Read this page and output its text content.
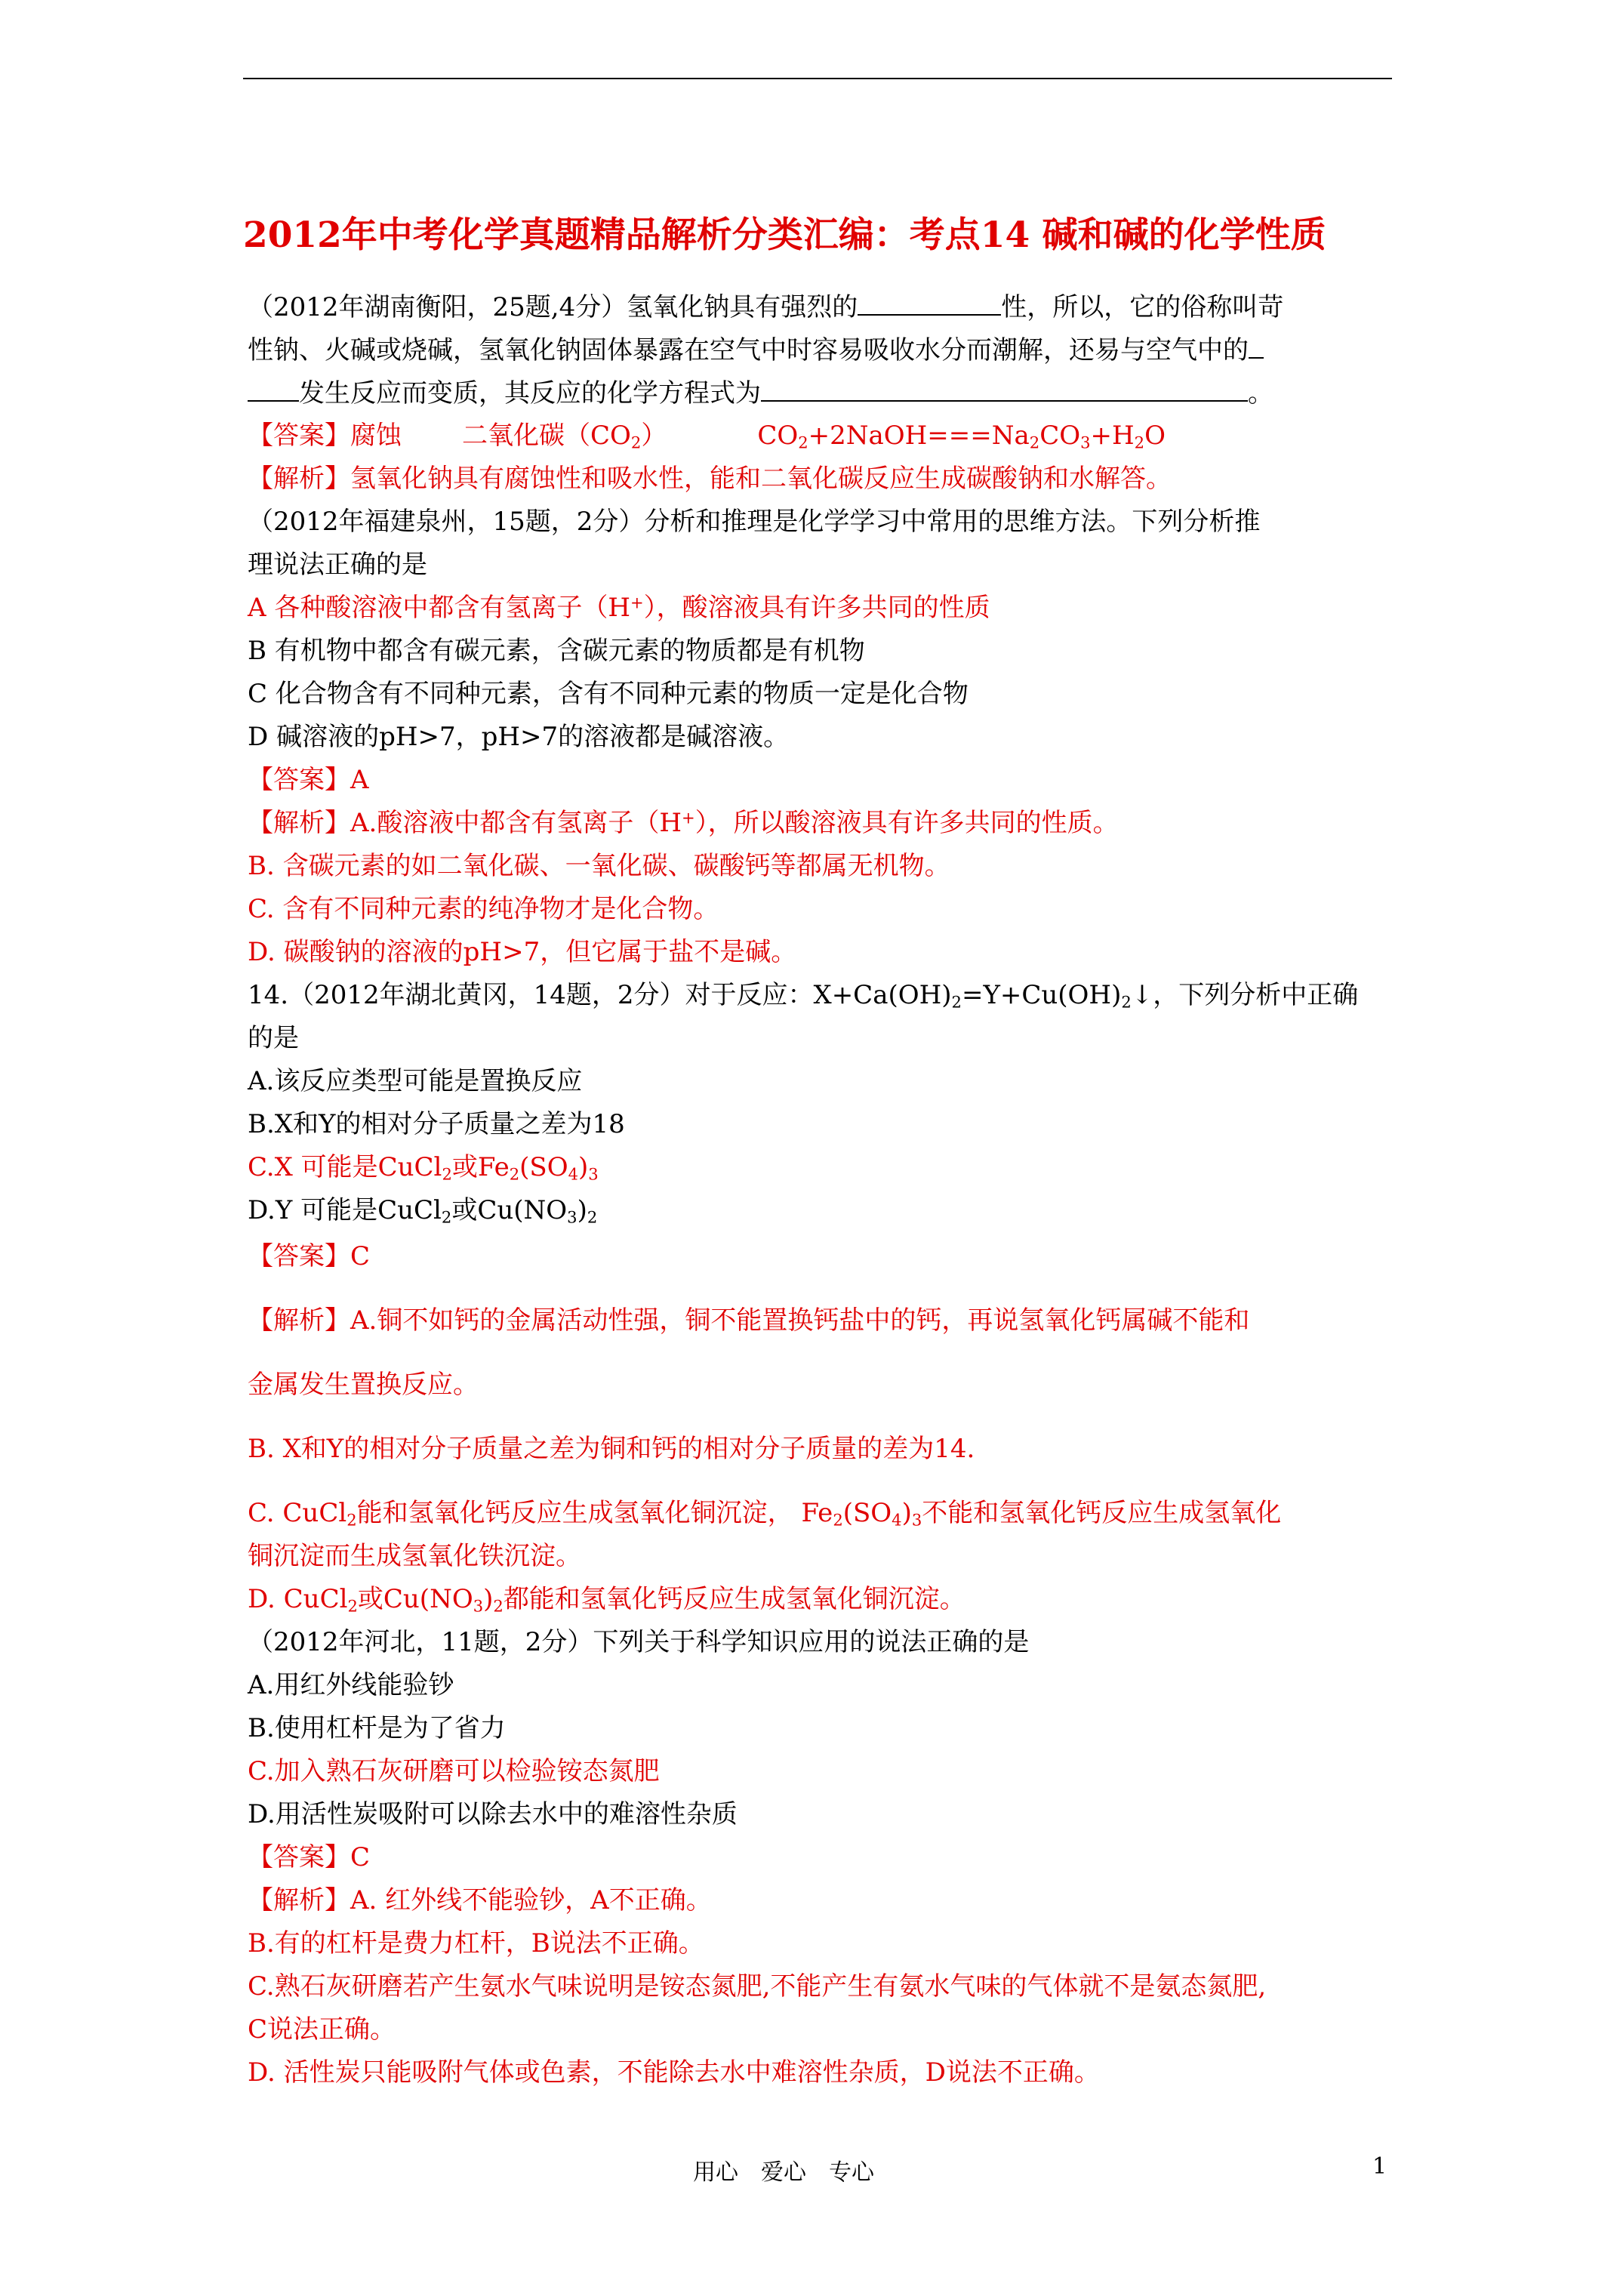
2012年中考化学真题精品解析分类汇编：考点14 碱和碱的化学性质
（2012年湖南衡阳，25题,4分）氢氧化钠具有强烈的	性，所以，它的俗称叫苛
性钠、火碱或烧碱，氢氧化钠固体暴露在空气中时容易吸收水分而潮解，还易与空气中的
发生反应而变质，其反应的化学方程式为	。
【答案】腐蚀 二氧化碳$(CO_2)$	$CO_2+2NaOH===Na_2CO_3+H_2O$
【解析】氢氧化钠具有腐蚀性和吸水性，能和二氧化碳反应生成碳酸钠和水解答。
（2012年福建泉州，15题，2分）分析和推理是化学学习中常用的思维方法。下列分析推
理说法正确的是
A 各种酸溶液中都含有氢离子（H+），酸溶液具有许多共同的性质
B 有机物中都含有碳元素，含碳元素的物质都是有机物
C 化合物含有不同种元素，含有不同种元素的物质一定是化合物
D 碱溶液的pH>7，pH>7的溶液都是碱溶液。
【答案】A
【解析】A.酸溶液中都含有氢离子（H+），所以酸溶液具有许多共同的性质。
B. 含碳元素的如二氧化碳、一氧化碳、碳酸钙等都属无机物。
C. 含有不同种元素的纯净物才是化合物。
D. 碳酸钠的溶液的pH>7，但它属于盐不是碱。
14.（2012年湖北黄冈，14题，2分）对于反应：$X+Ca(OH)_2=Y+Cu(OH)_2↓$，下列分析中正确
的是
A.该反应类型可能是置换反应
B.X和Y的相对分子质量之差为18
C.X 可能是CuCl$_2$或$Fe_2(SO_4)_3$
D.Y 可能是CuCl$_2$或$Cu(NO_3)_2$
【答案】C
【解析】A.铜不如钙的金属活动性强，铜不能置换钙盐中的钙，再说氢氧化钙属碱不能和
金属发生置换反应。
B. X和Y的相对分子质量之差为铜和钙的相对分子质量的差为14.
C. CuCl$_2$能和氢氧化钙反应生成氢氧化铜沉淀， $Fe_2(SO_4)_3$不能和氢氧化钙反应生成氢氧化
铜沉淀而生成氢氧化铁沉淀。
D. CuCl$_2$或$Cu(NO_3)_2$都能和氢氧化钙反应生成氢氧化铜沉淀。
（2012年河北，11题，2分）下列关于科学知识应用的说法正确的是
A.用红外线能验钞
B.使用杠杆是为了省力
C.加入熟石灰研磨可以检验铵态氮肥
D.用活性炭吸附可以除去水中的难溶性杂质
【答案】C
【解析】A. 红外线不能验钞，A不正确。
B.有的杠杆是费力杠杆，B说法不正确。
C.熟石灰研磨若产生氨水气味说明是铵态氮肥,不能产生有氨水气味的气体就不是氨态氮肥,
C说法正确。
D. 活性炭只能吸附气体或色素，不能除去水中难溶性杂质，D说法不正确。
用心　爱心　专心	1
